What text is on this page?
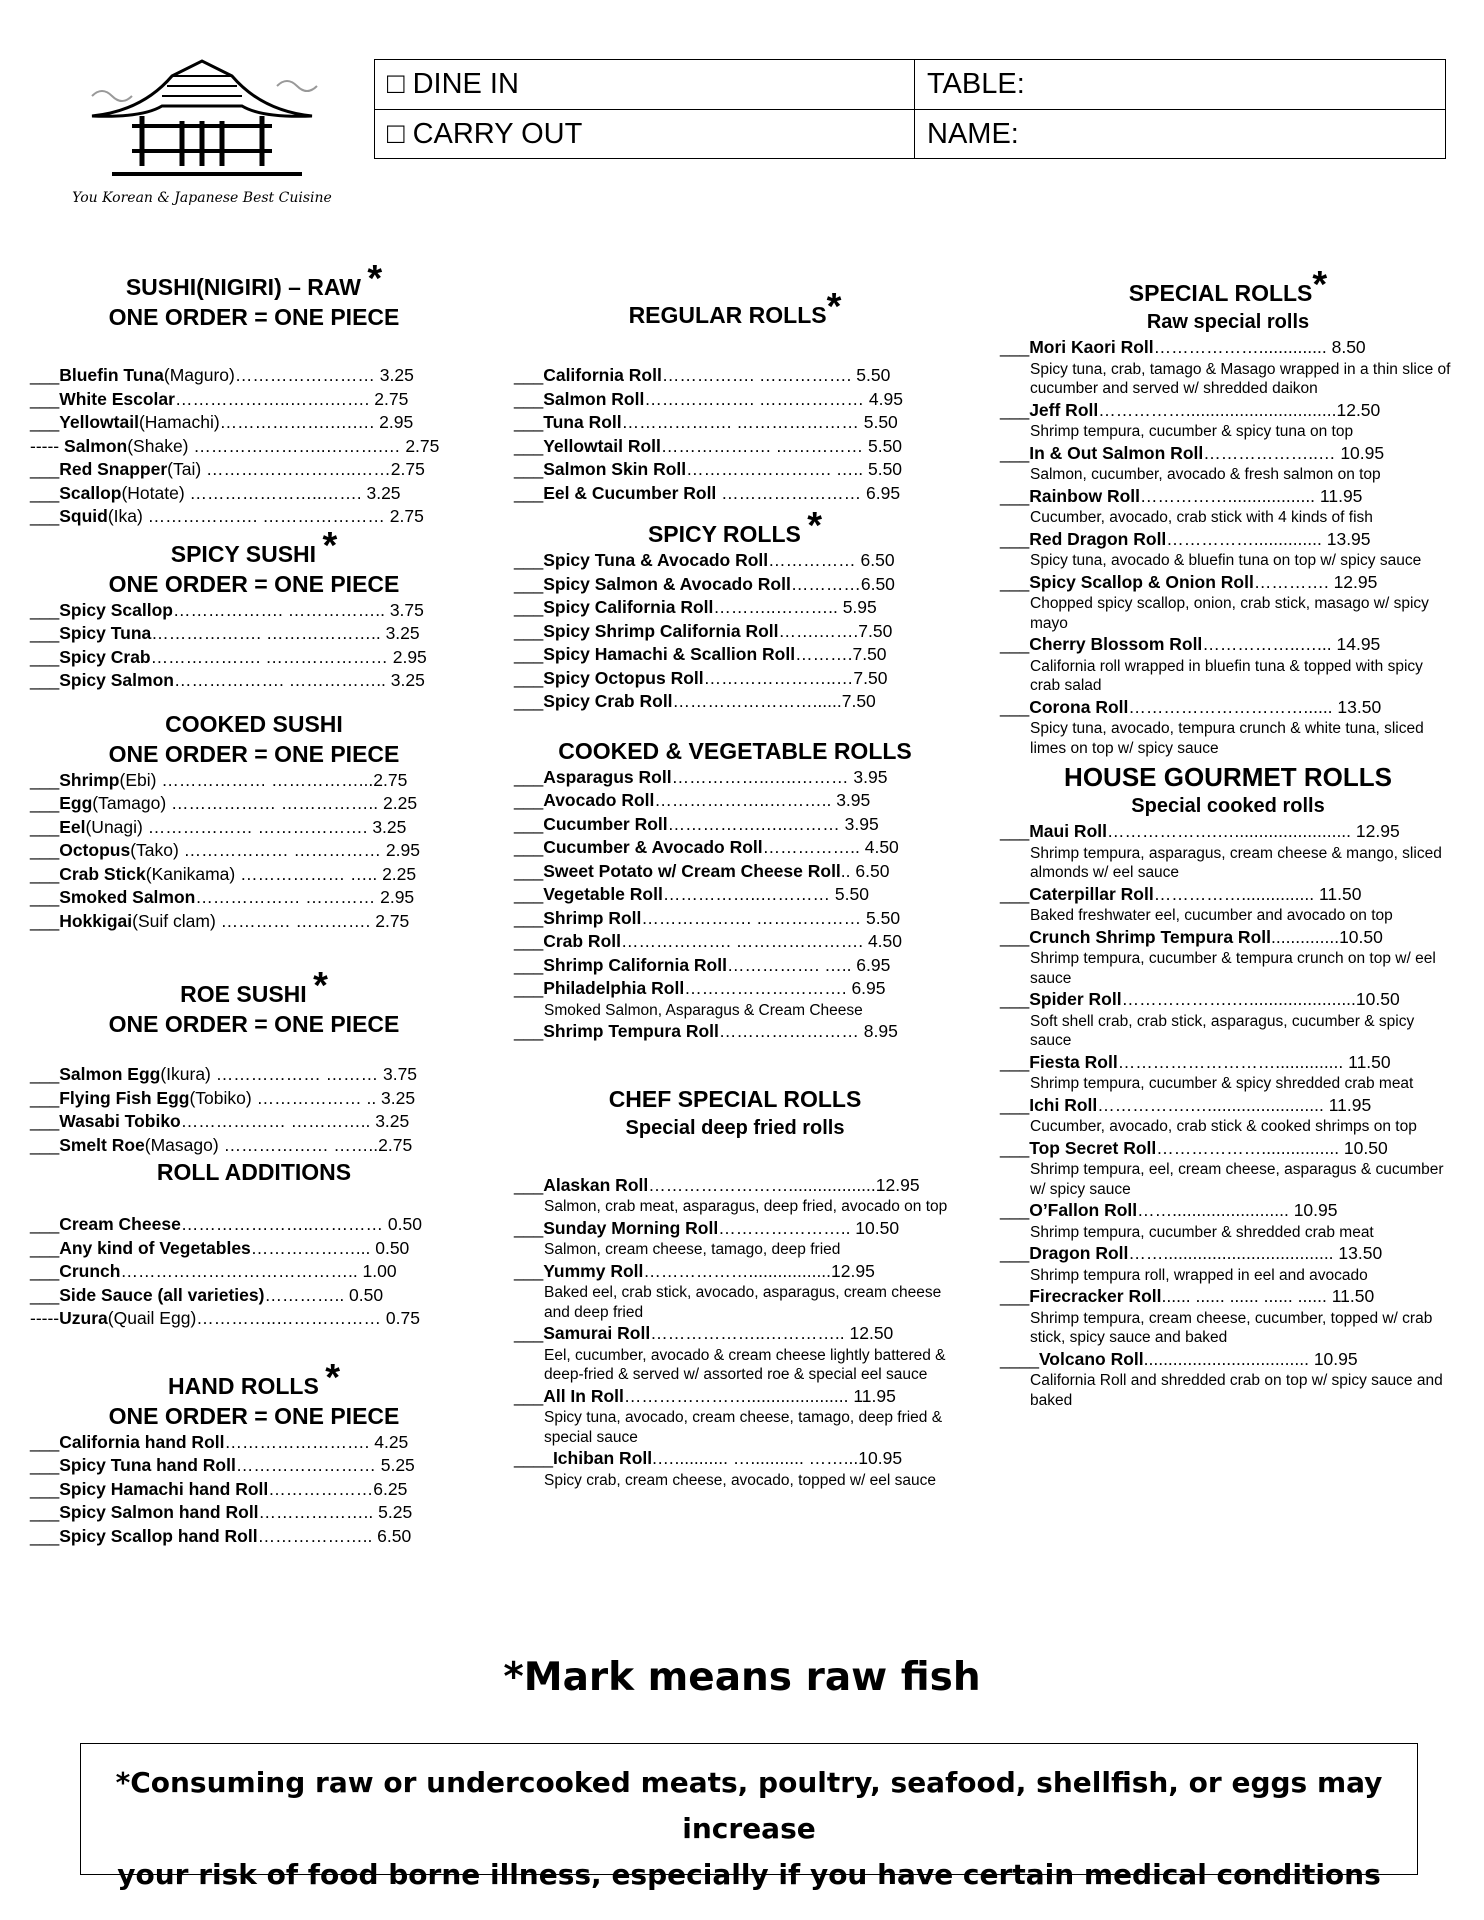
You Korean & Japanese Best Cuisine
□ DINE IN	TABLE:
□ CARRY OUT	NAME:
SUSHI(NIGIRI) – RAW *
ONE ORDER = ONE PIECE
___Bluefin Tuna(Maguro)…………………… 3.25
___White Escolar………………..…….……. 2.75
___Yellowtail(Hamachi)……………….….…. 2.95
----- Salmon(Shake) …………………..……….… 2.75
___Red Snapper(Tai) ……………………..……2.75
___Scallop(Hotate) …………………..……. 3.25
___Squid(Ika) ………………. ………………… 2.75
SPICY SUSHI *
ONE ORDER = ONE PIECE
___Spicy Scallop………………. …………….. 3.75
___Spicy Tuna………………. ……………….. 3.25
___Spicy Crab………………. ………………… 2.95
___Spicy Salmon………………. …………….. 3.25
COOKED SUSHI
ONE ORDER = ONE PIECE
___Shrimp(Ebi) ……………… ……………...2.75
___Egg(Tamago) ……………… …………….. 2.25
___Eel(Unagi) ……………… ………………. 3.25
___Octopus(Tako) ……………… …………… 2.95
___Crab Stick(Kanikama) ……………… ….. 2.25
___Smoked Salmon……………… ………… 2.95
___Hokkigai(Suif clam) ………… …………. 2.75
ROE SUSHI *
ONE ORDER = ONE PIECE
___Salmon Egg(Ikura) ……………… ……… 3.75
___Flying Fish Egg(Tobiko) ……………… .. 3.25
___Wasabi Tobiko……………… ………….. 3.25
___Smelt Roe(Masago) ……………… ……..2.75
ROLL ADDITIONS
___Cream Cheese…………………..………… 0.50
___Any kind of Vegetables………………... 0.50
___Crunch………………………………….. 1.00
___Side Sauce (all varieties)………….. 0.50
-----Uzura(Quail Egg)…………..……………… 0.75
HAND ROLLS *
ONE ORDER = ONE PIECE
___California hand Roll……………………. 4.25
___Spicy Tuna hand Roll…………………… 5.25
___Spicy Hamachi hand Roll………………6.25
___Spicy Salmon hand Roll……………….. 5.25
___Spicy Scallop hand Roll……………….. 6.50
REGULAR ROLLS*
___California Roll……………. ……………. 5.50
___Salmon Roll………………. ……………… 4.95
___Tuna Roll………………. ………………… 5.50
___Yellowtail Roll………………. …………… 5.50
___Salmon Skin Roll……………………. ….. 5.50
___Eel & Cucumber Roll …………………… 6.95
SPICY ROLLS *
___Spicy Tuna & Avocado Roll…………… 6.50
___Spicy Salmon & Avocado Roll…………6.50
___Spicy California Roll………..……….. 5.95
___Spicy Shrimp California Roll…….…….7.50
___Spicy Hamachi & Scallion Roll……….7.50
___Spicy Octopus Roll…………………..…7.50
___Spicy Crab Roll……………………......7.50
COOKED & VEGETABLE ROLLS
___Asparagus Roll……………..…..……… 3.95
___Avocado Roll………………..……….. 3.95
___Cucumber Roll…………….…..……… 3.95
___Cucumber & Avocado Roll…………….. 4.50
___Sweet Potato w/ Cream Cheese Roll.. 6.50
___Vegetable Roll……………..………… 5.50
___Shrimp Roll………………. ……………… 5.50
___Crab Roll………………. …………………. 4.50
___Shrimp California Roll……………. ….. 6.95
___Philadelphia Roll………………………. 6.95
Smoked Salmon, Asparagus & Cream Cheese
___Shrimp Tempura Roll…………………… 8.95
CHEF SPECIAL ROLLS
Special deep fried rolls
___Alaskan Roll……………………..................12.95
Salmon, crab meat, asparagus, deep fried, avocado on top
___Sunday Morning Roll………………….. 10.50
Salmon, cream cheese, tamago, deep fried
___Yummy Roll……………….................12.95
Baked eel, crab stick, avocado, asparagus, cream cheese and deep fried
___Samurai Roll………………..………….. 12.50
Eel, cucumber, avocado & cream cheese lightly battered & deep-fried & served w/ assorted roe & special eel sauce
___All In Roll…………………..................... 11.95
Spicy tuna, avocado, cream cheese, tamago, deep fried & special sauce
____Ichiban Roll.…........... …........... ……...10.95
Spicy crab, cream cheese, avocado, topped w/ eel sauce
SPECIAL ROLLS*
Raw special rolls
___Mori Kaori Roll……………….............. 8.50
Spicy tuna, crab, tamago & Masago wrapped in a thin slice of cucumber and served w/ shredded daikon
___Jeff Roll……………...............................12.50
Shrimp tempura, cucumber & spicy tuna on top
___In & Out Salmon Roll………………..… 10.95
Salmon, cucumber, avocado & fresh salmon on top
___Rainbow Roll…………….................. 11.95
Cucumber, avocado, crab stick with 4 kinds of fish
___Red Dragon Roll…………….............. 13.95
Spicy tuna, avocado & bluefin tuna on top w/ spicy sauce
___Spicy Scallop & Onion Roll…………. 12.95
Chopped spicy scallop, onion, crab stick, masago w/ spicy mayo
___Cherry Blossom Roll……………..…... 14.95
California roll wrapped in bluefin tuna & topped with spicy crab salad
___Corona Roll…………………………...... 13.50
Spicy tuna, avocado, tempura crunch & white tuna, sliced limes on top w/ spicy sauce
HOUSE GOURMET ROLLS
Special cooked rolls
___Maui Roll……………….…........................ 12.95
Shrimp tempura, asparagus, cream cheese & mango, sliced almonds w/ eel sauce
___Caterpillar Roll……………............... 11.50
Baked freshwater eel, cucumber and avocado on top
___Crunch Shrimp Tempura Roll..............10.50
Shrimp tempura, cucumber & tempura crunch on top w/ eel sauce
___Spider Roll……………….…......................10.50
Soft shell crab, crab stick, asparagus, cucumber & spicy sauce
___Fiesta Roll……………………….............. 11.50
Shrimp tempura, cucumber & spicy shredded crab meat
___Ichi Roll…………….…........................ 11.95
Cucumber, avocado, crab stick & cooked shrimps on top
___Top Secret Roll………………................ 10.50
Shrimp tempura, eel, cream cheese, asparagus & cucumber w/ spicy sauce
___O’Fallon Roll……........................ 10.95
Shrimp tempura, cucumber & shredded crab meat
___Dragon Roll……................................... 13.50
Shrimp tempura roll, wrapped in eel and avocado
___Firecracker Roll...... ...... ...... ...... ...... 11.50
Shrimp tempura, cream cheese, cucumber, topped w/ crab stick, spicy sauce and baked
____Volcano Roll.................................. 10.95
California Roll and shredded crab on top w/ spicy sauce and baked
*Mark means raw fish
*Consuming raw or undercooked meats, poultry, seafood, shellfish, or eggs may increase
your risk of food borne illness, especially if you have certain medical conditions
